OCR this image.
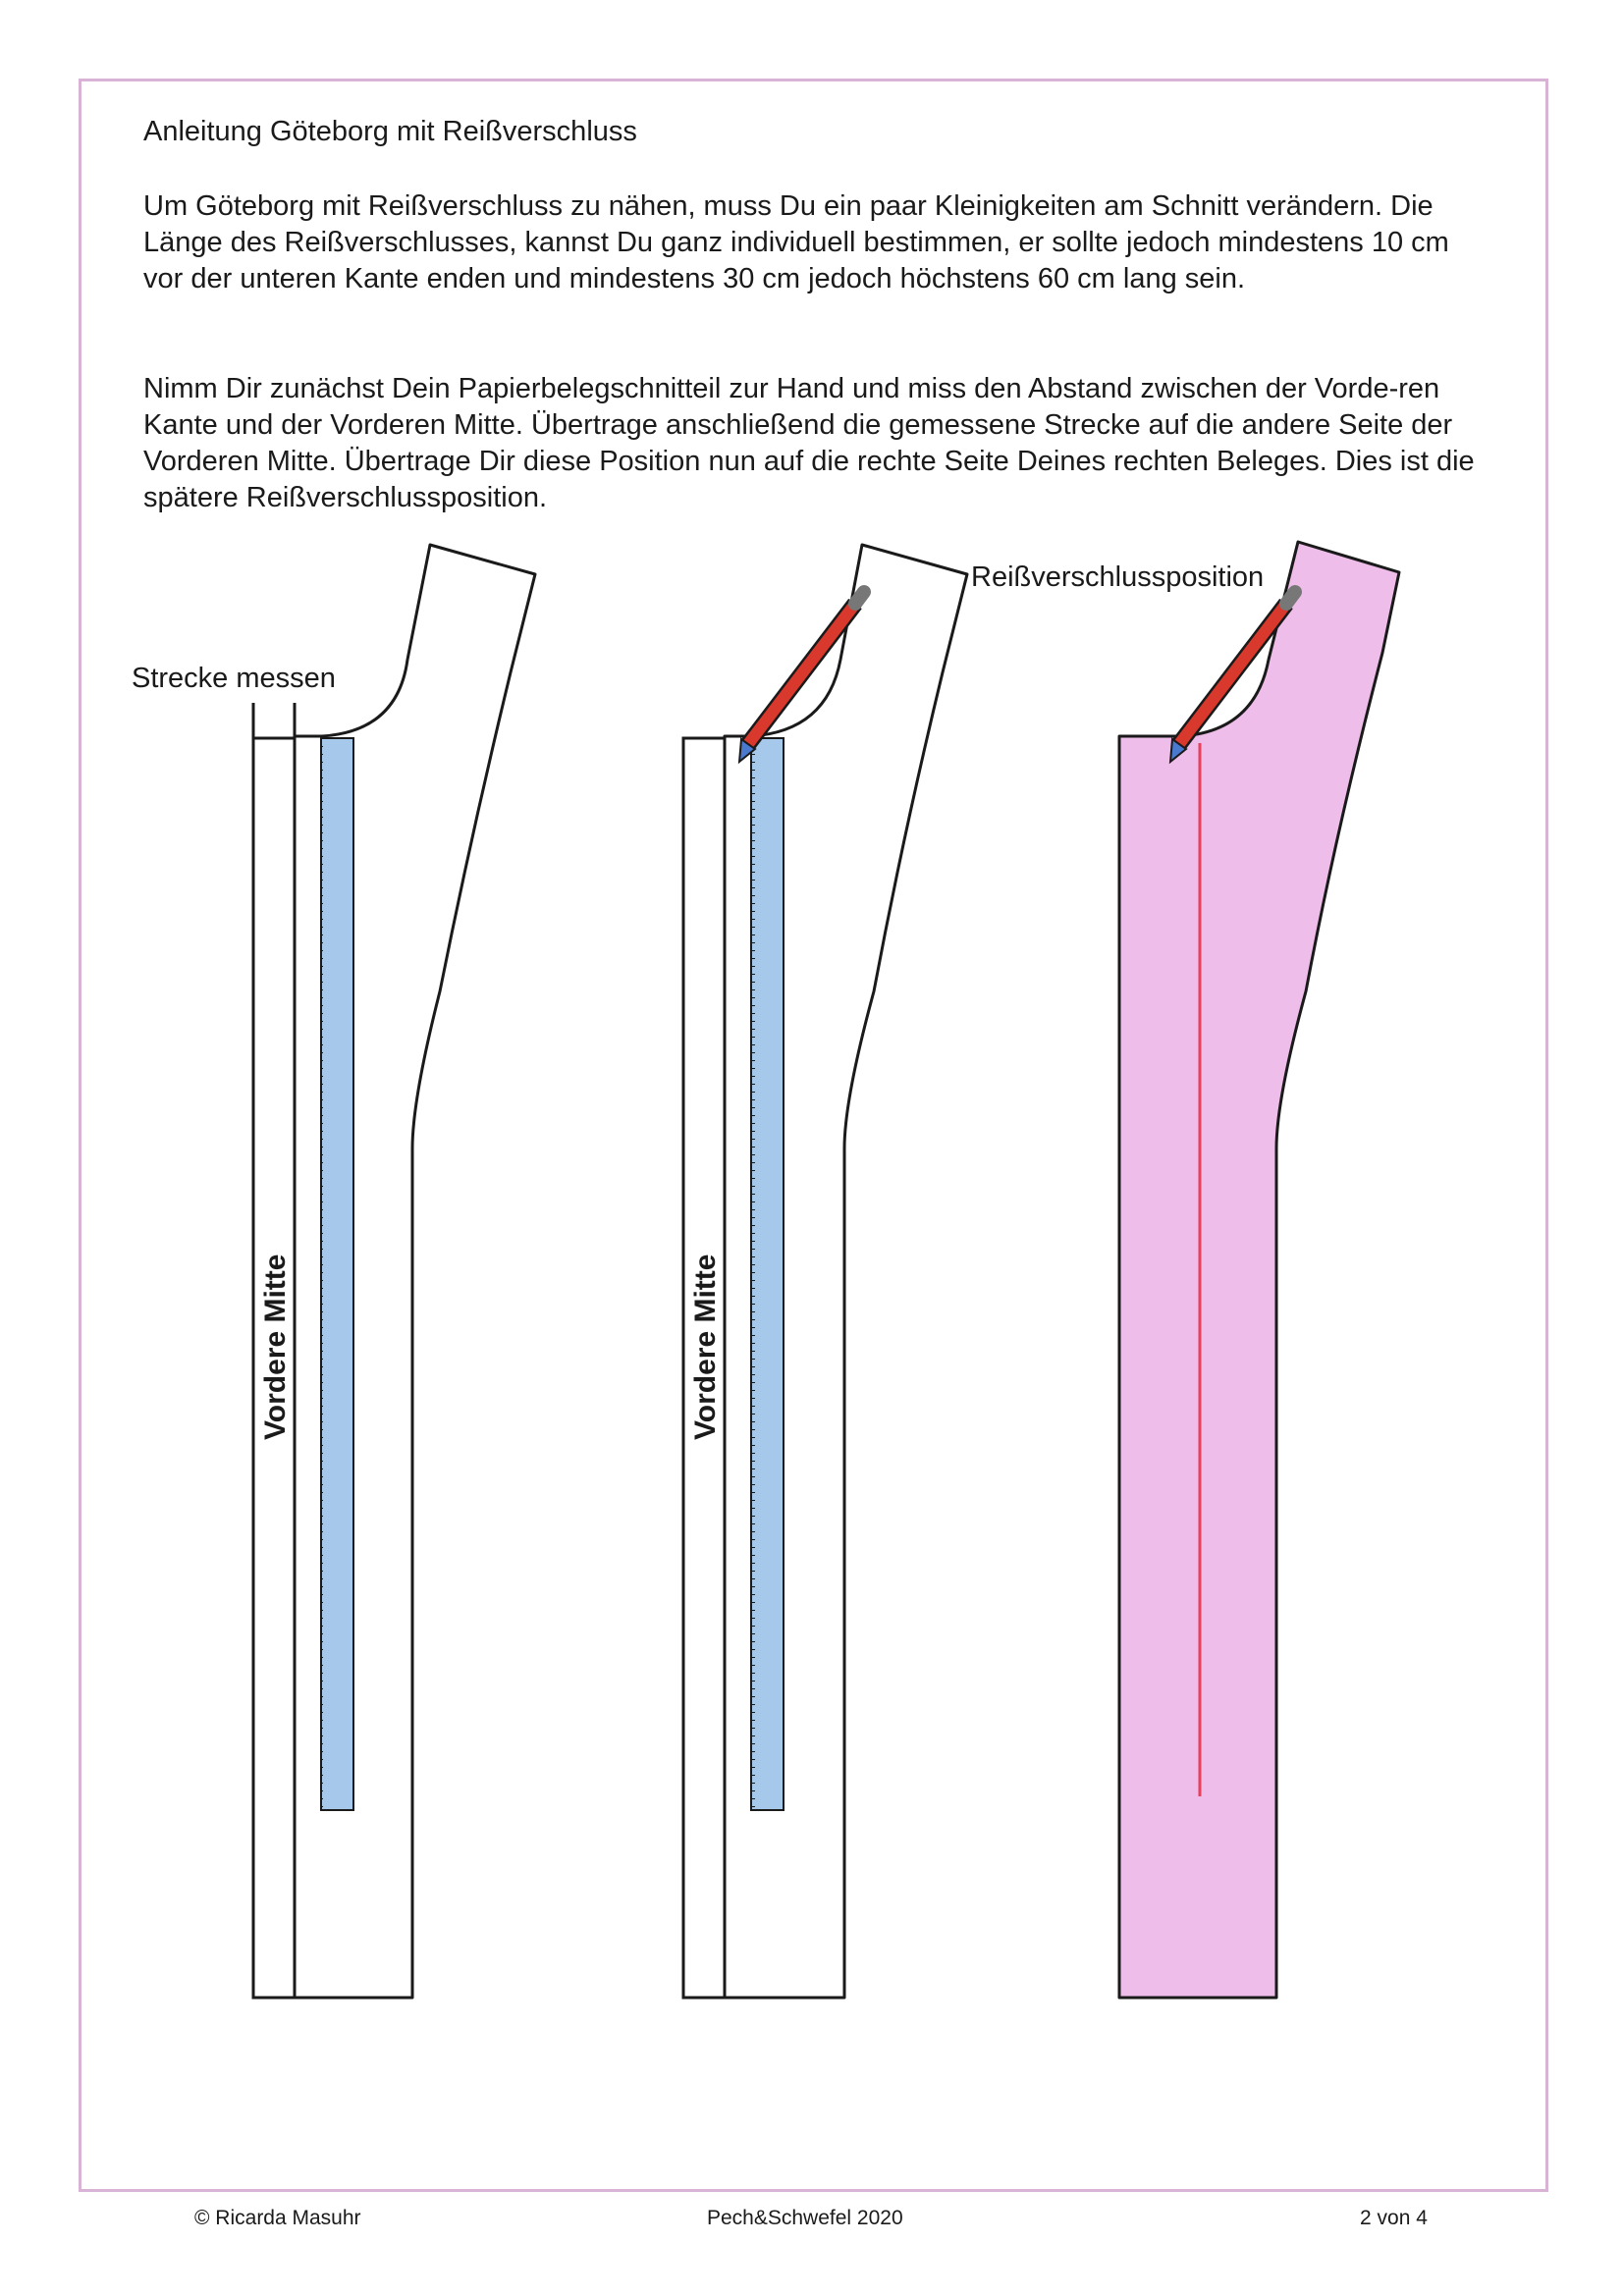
Anleitung Göteborg mit Reißverschluss

Um Göteborg mit Reißverschluss zu nähen, muss Du ein paar Kleinigkeiten am Schnitt verändern. Die Länge des Reißverschlusses, kannst Du ganz individuell bestimmen, er sollte jedoch mindestens 10 cm vor der unteren Kante enden und mindestens 30 cm jedoch höchstens 60 cm lang sein.

Nimm Dir zunächst Dein Papierbelegschnitteil zur Hand und miss den Abstand zwischen der Vorde-ren Kante und der Vorderen Mitte. Übertrage anschließend die gemessene Strecke auf die andere Seite der Vorderen Mitte. Übertrage Dir diese Position nun auf die rechte Seite Deines rechten Beleges. Dies ist die spätere Reißverschlussposition.

Strecke messen
Reißverschlussposition
Vordere Mitte	Vordere Mitte
© Ricarda Masuhr	Pech&Schwefel 2020	2 von 4
